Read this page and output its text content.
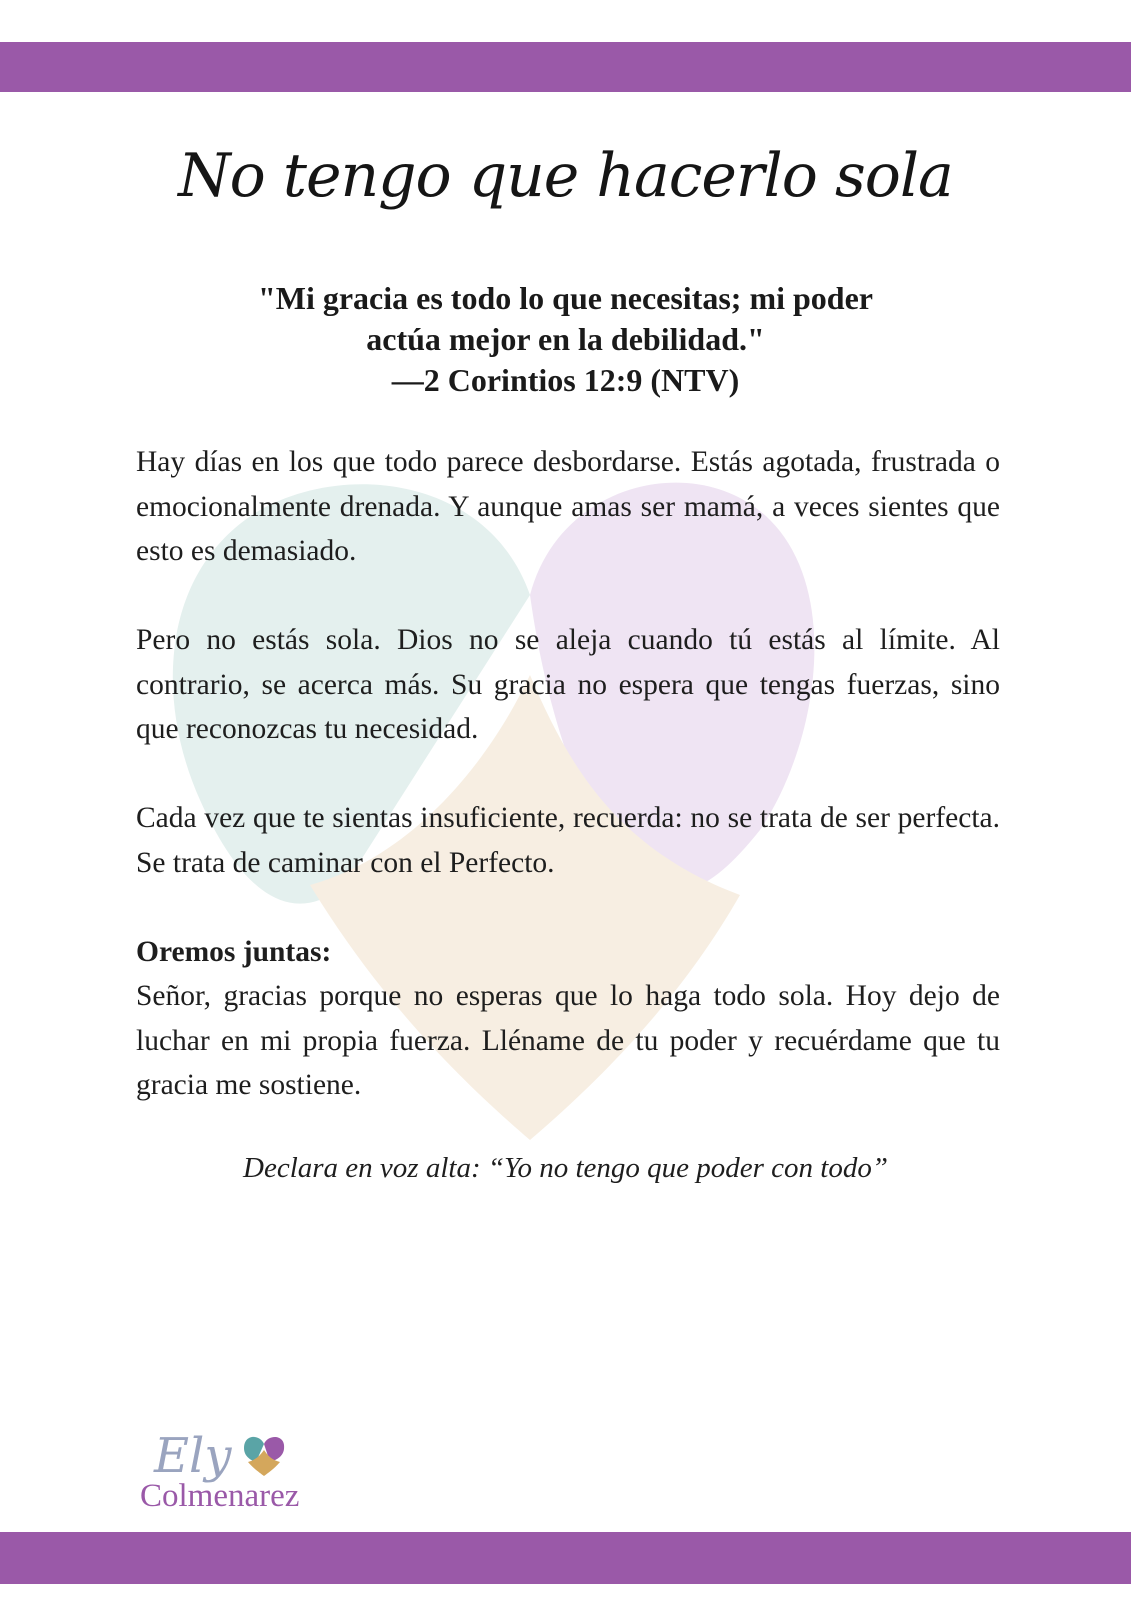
No tengo que hacerlo sola
"Mi gracia es todo lo que necesitas; mi poder
actúa mejor en la debilidad."
—2 Corintios 12:9 (NTV)

Hay días en los que todo parece desbordarse. Estás agotada, frustrada o emocionalmente drenada. Y aunque amas ser mamá, a veces sientes que esto es demasiado.

Pero no estás sola. Dios no se aleja cuando tú estás al límite. Al contrario, se acerca más. Su gracia no espera que tengas fuerzas, sino que reconozcas tu necesidad.

Cada vez que te sientas insuficiente, recuerda: no se trata de ser perfecta. Se trata de caminar con el Perfecto.

Oremos juntas:
Señor, gracias porque no esperas que lo haga todo sola. Hoy dejo de luchar en mi propia fuerza. Lléname de tu poder y recuérdame que tu gracia me sostiene.

Declara en voz alta: “Yo no tengo que poder con todo”
Ely
Colmenarez
